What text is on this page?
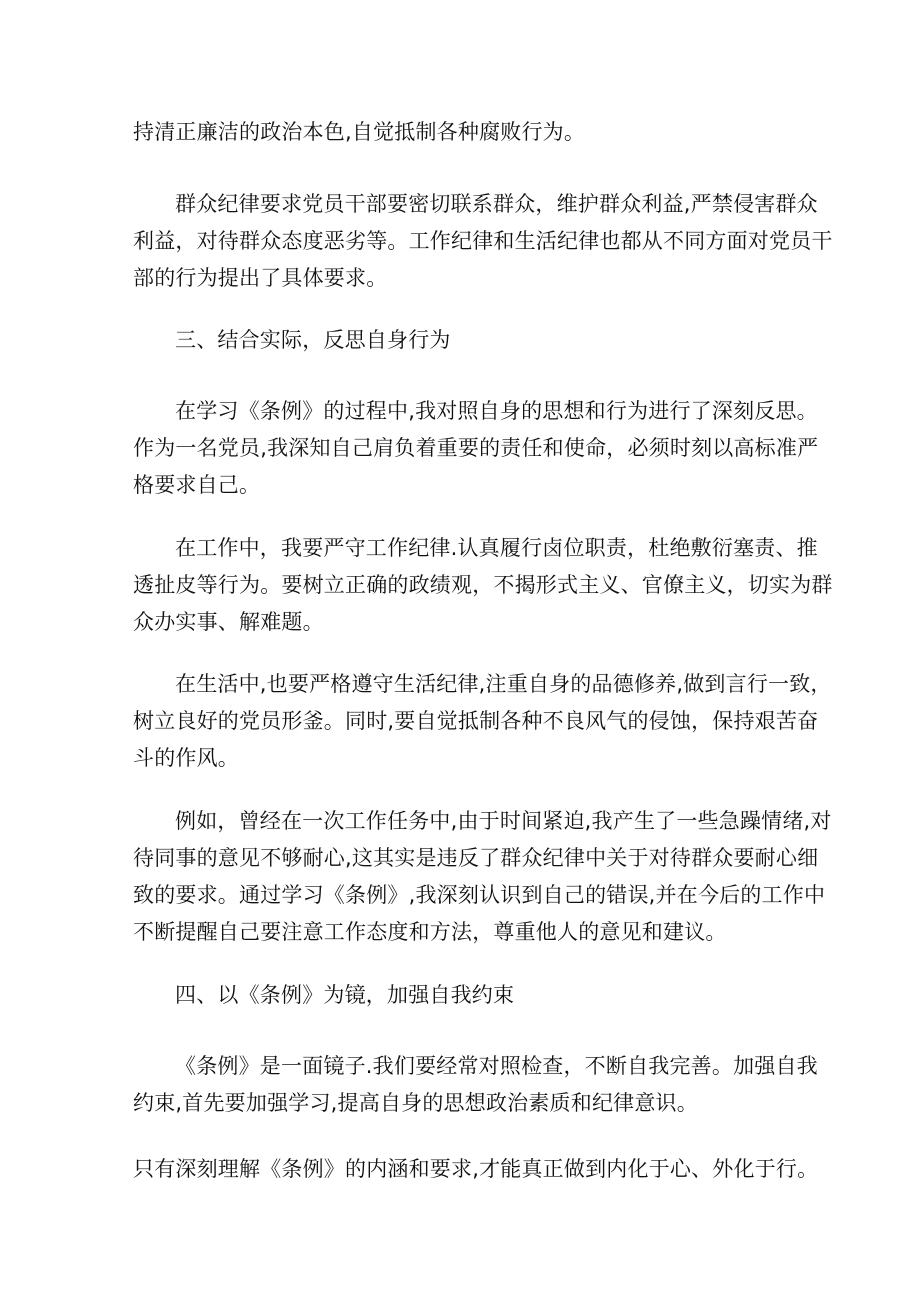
持清正廉洁的政治本色,自觉抵制各种腐败行为。
群众纪律要求党员干部要密切联系群众，维护群众利益,严禁侵害群众
利益，对待群众态度恶劣等。工作纪律和生活纪律也都从不同方面对党员干
部的行为提出了具体要求。
三、结合实际，反思自身行为
在学习《条例》的过程中,我对照自身的思想和行为进行了深刻反思。
作为一名党员,我深知自己肩负着重要的责任和使命，必须时刻以高标准严
格要求自己。
在工作中，我要严守工作纪律.认真履行卤位职责，杜绝敷衍塞责、推
透扯皮等行为。要树立正确的政绩观，不揭形式主义、官僚主义，切实为群
众办实事、解难题。
在生活中,也要严格遵守生活纪律,注重自身的品德修养,做到言行一致，
树立良好的党员形釜。同时,要自觉抵制各种不良风气的侵蚀，保持艰苦奋
斗的作风。
例如，曾经在一次工作任务中,由于时间紧迫,我产生了一些急躁情绪,对
待同事的意见不够耐心,这其实是违反了群众纪律中关于对待群众要耐心细
致的要求。通过学习《条例》,我深刻认识到自己的错误,并在今后的工作中
不断提醒自己要注意工作态度和方法，尊重他人的意见和建议。
四、以《条例》为镜，加强自我约束
《条例》是一面镜子.我们要经常对照检查，不断自我完善。加强自我
约束,首先要加强学习,提高自身的思想政治素质和纪律意识。
只有深刻理解《条例》的内涵和要求,才能真正做到内化于心、外化于行。
